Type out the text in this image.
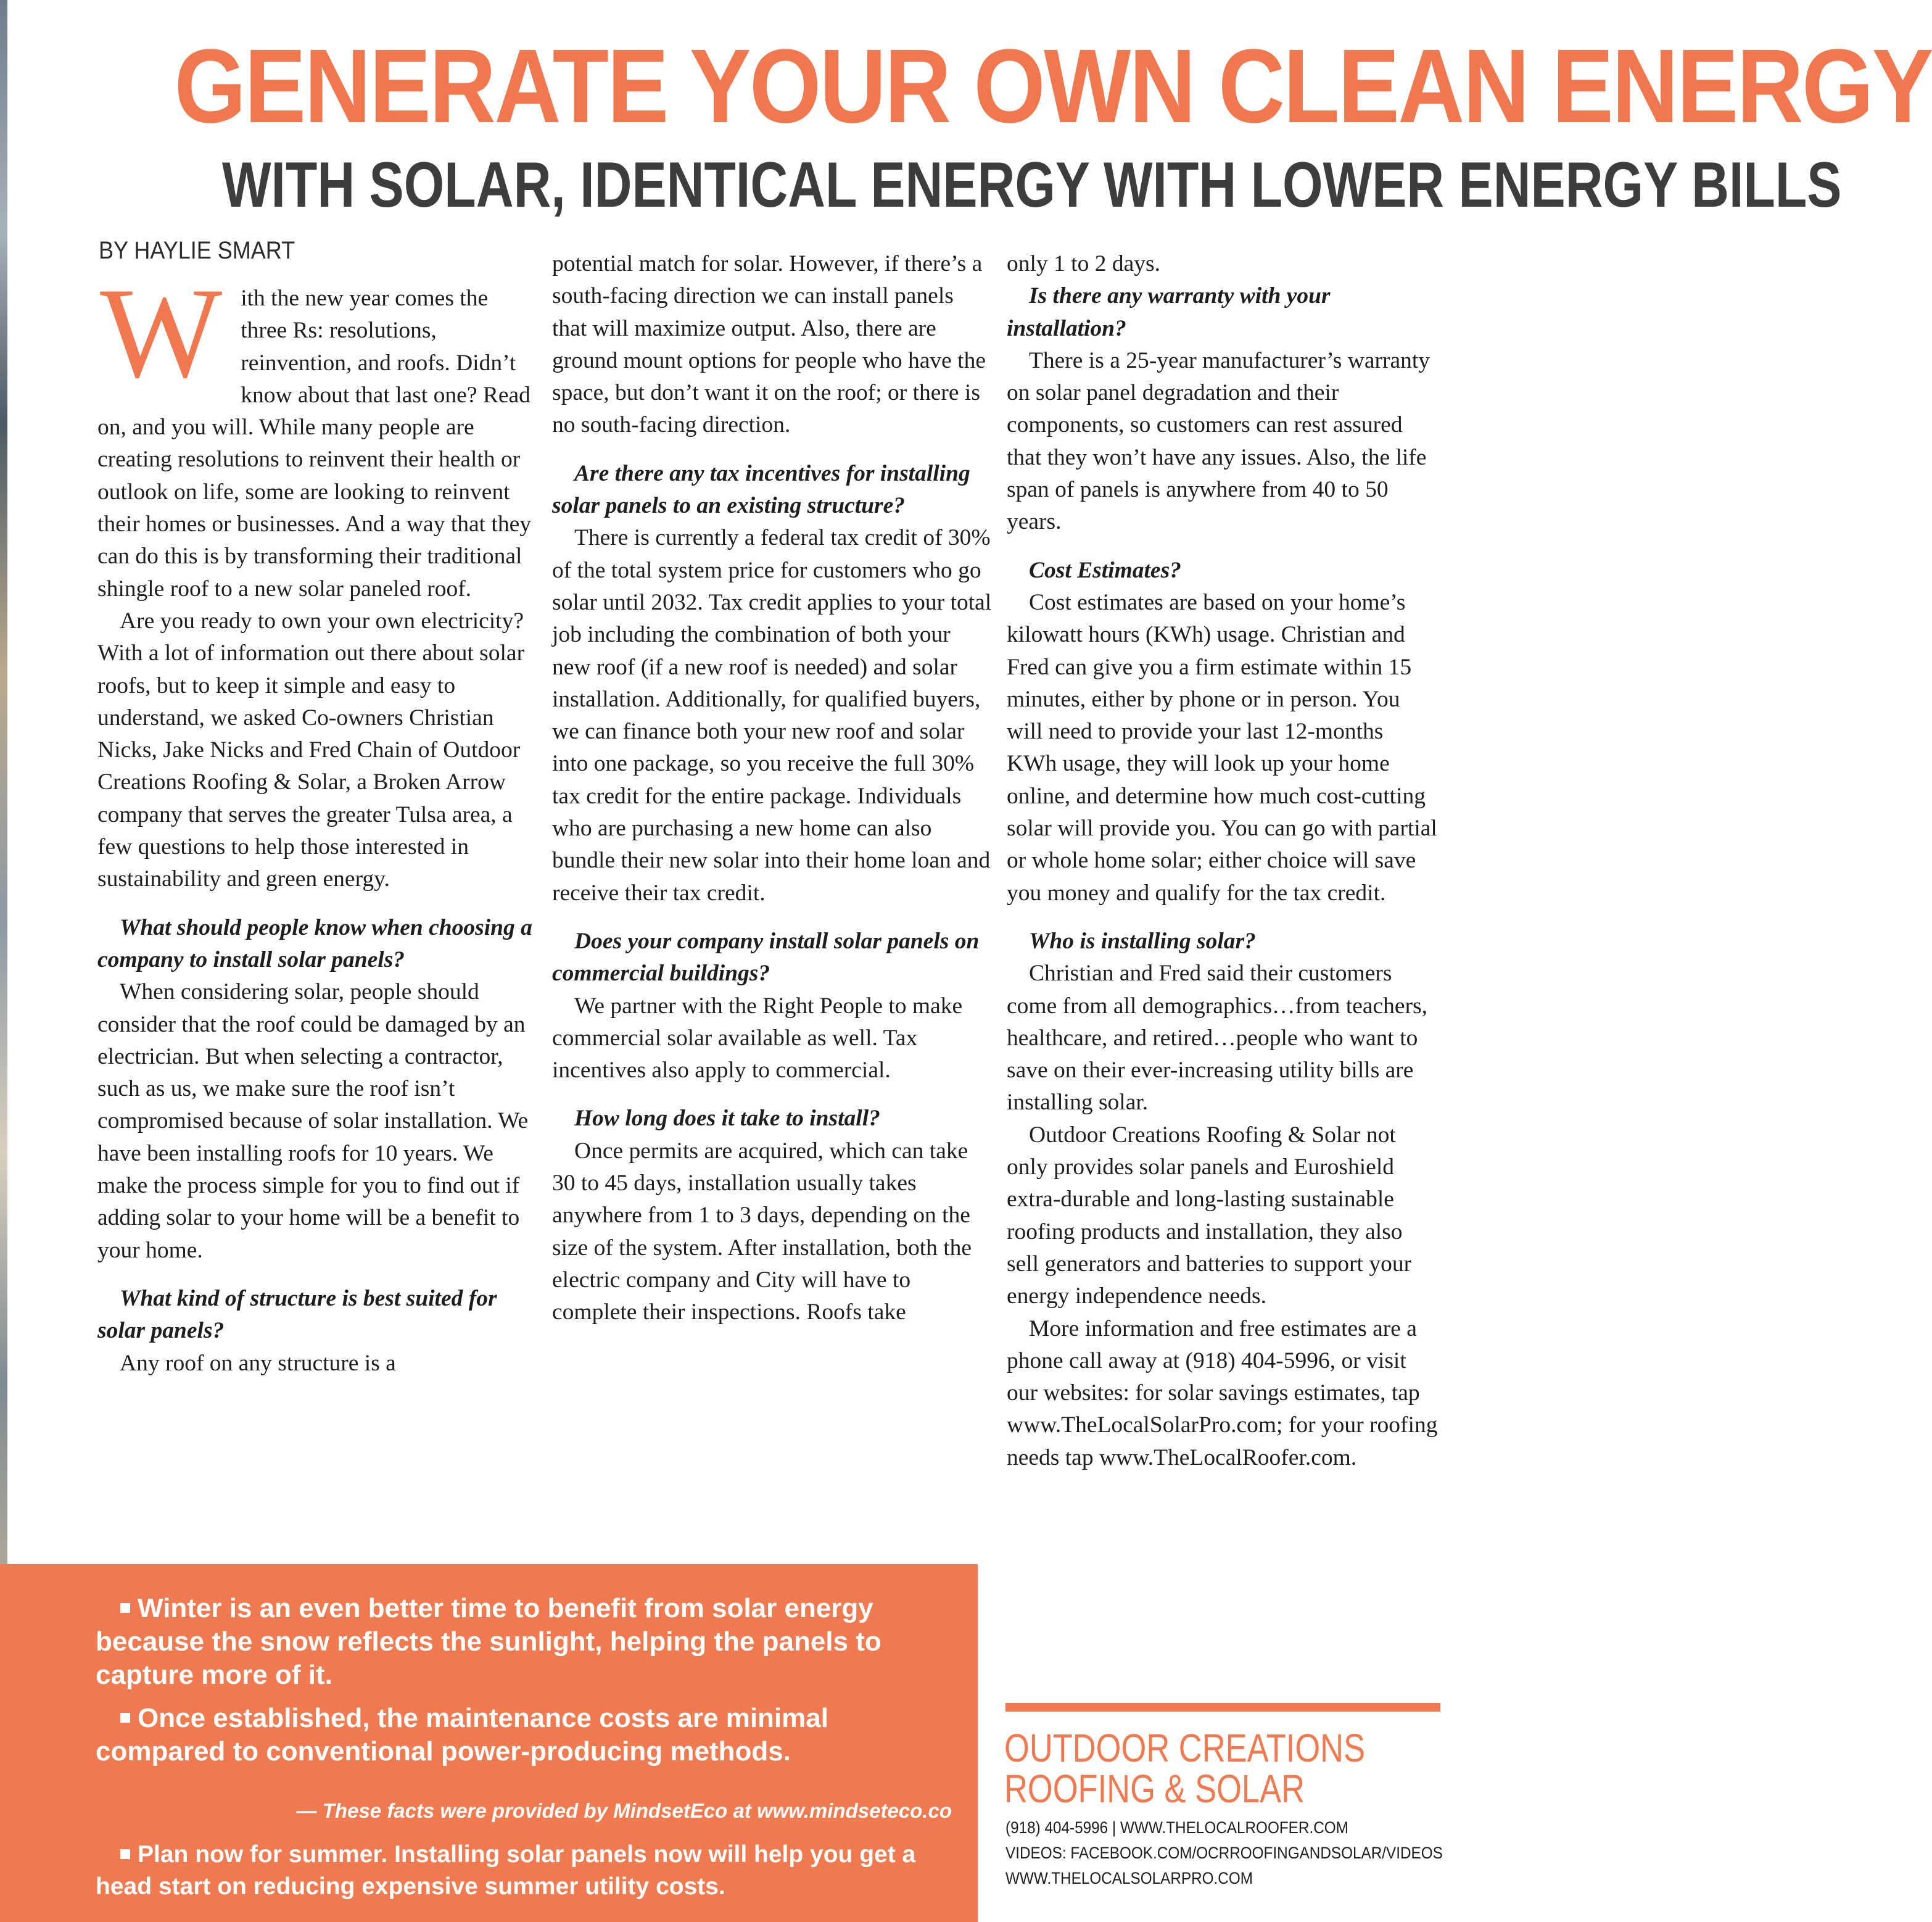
GENERATE YOUR OWN CLEAN ENERGY
WITH SOLAR, IDENTICAL ENERGY WITH LOWER ENERGY BILLS
BY HAYLIE SMART

With the new year comes the three Rs: resolutions, reinvention, and roofs. Didn’t know about that last one? Read on, and you will. While many people are creating resolutions to reinvent their health or outlook on life, some are looking to reinvent their homes or businesses. And a way that they can do this is by transforming their traditional shingle roof to a new solar paneled roof.

Are you ready to own your own electricity? With a lot of information out there about solar roofs, but to keep it simple and easy to understand, we asked Co-owners Christian Nicks, Jake Nicks and Fred Chain of Outdoor Creations Roofing & Solar, a Broken Arrow company that serves the greater Tulsa area, a few questions to help those interested in sustainability and green energy.

What should people know when choosing a company to install solar panels?

When considering solar, people should consider that the roof could be damaged by an electrician. But when selecting a contractor, such as us, we make sure the roof isn’t compromised because of solar installation. We have been installing roofs for 10 years. We make the process simple for you to find out if adding solar to your home will be a benefit to your home.

What kind of structure is best suited for solar panels?

Any roof on any structure is a

potential match for solar. However, if there’s a south-facing direction we can install panels that will maximize output. Also, there are ground mount options for people who have the space, but don’t want it on the roof; or there is no south-facing direction.

Are there any tax incentives for installing solar panels to an existing structure?

There is currently a federal tax credit of 30% of the total system price for customers who go solar until 2032. Tax credit applies to your total job including the combination of both your new roof (if a new roof is needed) and solar installation. Additionally, for qualified buyers, we can finance both your new roof and solar into one package, so you receive the full 30% tax credit for the entire package. Individuals who are purchasing a new home can also bundle their new solar into their home loan and receive their tax credit.

Does your company install solar panels on commercial buildings?

We partner with the Right People to make commercial solar available as well. Tax incentives also apply to commercial.

How long does it take to install?

Once permits are acquired, which can take 30 to 45 days, installation usually takes anywhere from 1 to 3 days, depending on the size of the system. After installation, both the electric company and City will have to complete their inspections. Roofs take

only 1 to 2 days.

Is there any warranty with your installation?

There is a 25-year manufacturer’s warranty on solar panel degradation and their components, so customers can rest assured that they won’t have any issues. Also, the life span of panels is anywhere from 40 to 50 years.

Cost Estimates?

Cost estimates are based on your home’s kilowatt hours (KWh) usage. Christian and Fred can give you a firm estimate within 15 minutes, either by phone or in person. You will need to provide your last 12-months KWh usage, they will look up your home online, and determine how much cost-cutting solar will provide you. You can go with partial or whole home solar; either choice will save you money and qualify for the tax credit.

Who is installing solar?

Christian and Fred said their customers come from all demographics…from teachers, healthcare, and retired…people who want to save on their ever-increasing utility bills are installing solar.

Outdoor Creations Roofing & Solar not only provides solar panels and Euroshield extra-durable and long-lasting sustainable roofing products and installation, they also sell generators and batteries to support your energy independence needs.

More information and free estimates are a phone call away at (918) 404-5996, or visit our websites: for solar savings estimates, tap www.TheLocalSolarPro.com; for your roofing needs tap www.TheLocalRoofer.com.

Winter is an even better time to benefit from solar energy because the snow reflects the sunlight, helping the panels to capture more of it.

Once established, the maintenance costs are minimal compared to conventional power-producing methods.

— These facts were provided by MindsetEco at www.mindseteco.co

Plan now for summer. Installing solar panels now will help you get a head start on reducing expensive summer utility costs.

OUTDOOR CREATIONS
ROOFING & SOLAR

(918) 404-5996 | WWW.THELOCALROOFER.COM

VIDEOS: FACEBOOK.COM/OCRROOFINGANDSOLAR/VIDEOS

WWW.THELOCALSOLARPRO.COM
